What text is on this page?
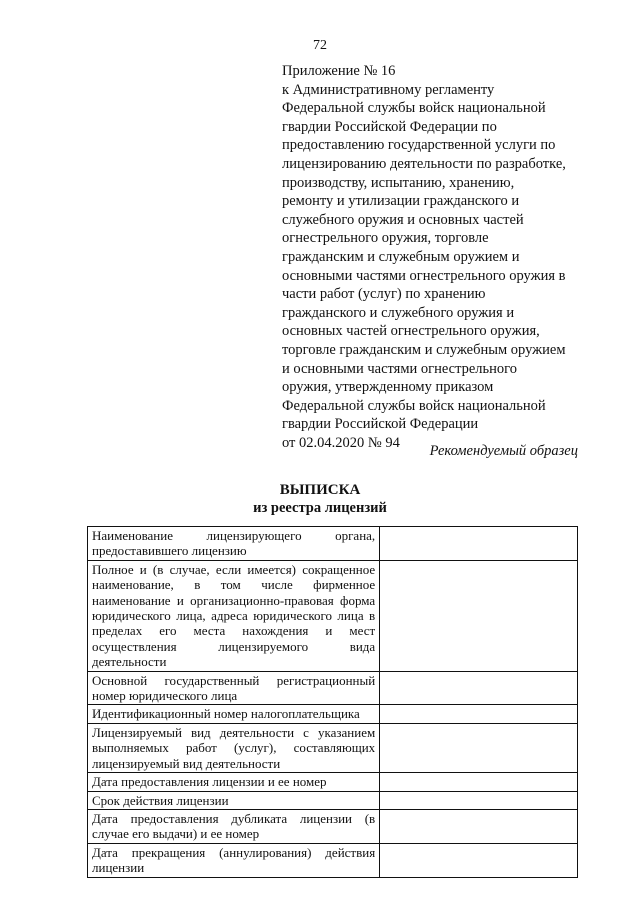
72
Приложение № 16
к Административному регламенту
Федеральной службы войск национальной
гвардии Российской Федерации по
предоставлению государственной услуги по
лицензированию деятельности по разработке,
производству, испытанию, хранению,
ремонту и утилизации гражданского и
служебного оружия и основных частей
огнестрельного оружия, торговле
гражданским и служебным оружием и
основными частями огнестрельного оружия в
части работ (услуг) по хранению
гражданского и служебного оружия и
основных частей огнестрельного оружия,
торговле гражданским и служебным оружием
и основными частями огнестрельного
оружия, утвержденному приказом
Федеральной службы войск национальной
гвардии Российской Федерации
от 02.04.2020 № 94
Рекомендуемый образец
ВЫПИСКА
из реестра лицензий
Наименование лицензирующего органа, предоставившего лицензию	
Полное и (в случае, если имеется) сокращенное наименование, в том числе фирменное наименование и организационно-правовая форма юридического лица, адреса юридического лица в пределах его места нахождения и мест осуществления лицензируемого вида деятельности	
Основной государственный регистрационный номер юридического лица	
Идентификационный номер налогоплательщика	
Лицензируемый вид деятельности с указанием выполняемых работ (услуг), составляющих лицензируемый вид деятельности	
Дата предоставления лицензии и ее номер	
Срок действия лицензии	
Дата предоставления дубликата лицензии (в случае его выдачи) и ее номер	
Дата прекращения (аннулирования) действия лицензии	
